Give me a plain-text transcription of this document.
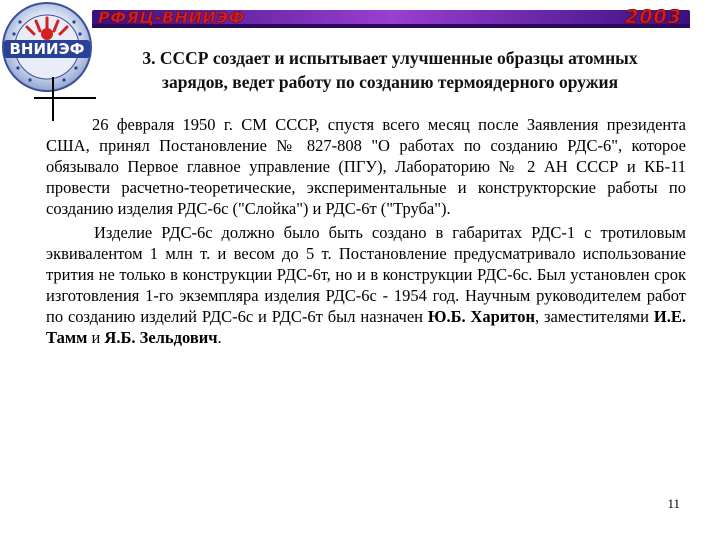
ВНИИЭФ
РФЯЦ-ВНИИЭФ	2003
3. СССР создает и испытывает улучшенные образцы атомных
зарядов, ведет работу по созданию термоядерного оружия

26 февраля 1950 г. СМ СССР, спустя всего месяц после Заявления президента США, принял Постановление № 827-808 "О работах по созданию РДС-6", которое обязывало Первое главное управление (ПГУ), Лабораторию № 2 АН СССР и КБ-11 провести расчетно-теоретические, экспериментальные и конструкторские работы по созданию изделия РДС-6с ("Слойка") и РДС-6т ("Труба").

Изделие РДС-6с должно было быть создано в габаритах РДС-1 с тротиловым эквивалентом 1 млн т. и весом до 5 т. Постановление предусматривало использование трития не только в конструкции РДС-6т, но и в конструкции РДС-6с. Был установлен срок изготовления 1-го экземпляра изделия РДС-6с - 1954 год. Научным руководителем работ по созданию изделий РДС-6с и РДС-6т был назначен Ю.Б. Харитон, заместителями И.Е. Тамм и Я.Б. Зельдович.

11
